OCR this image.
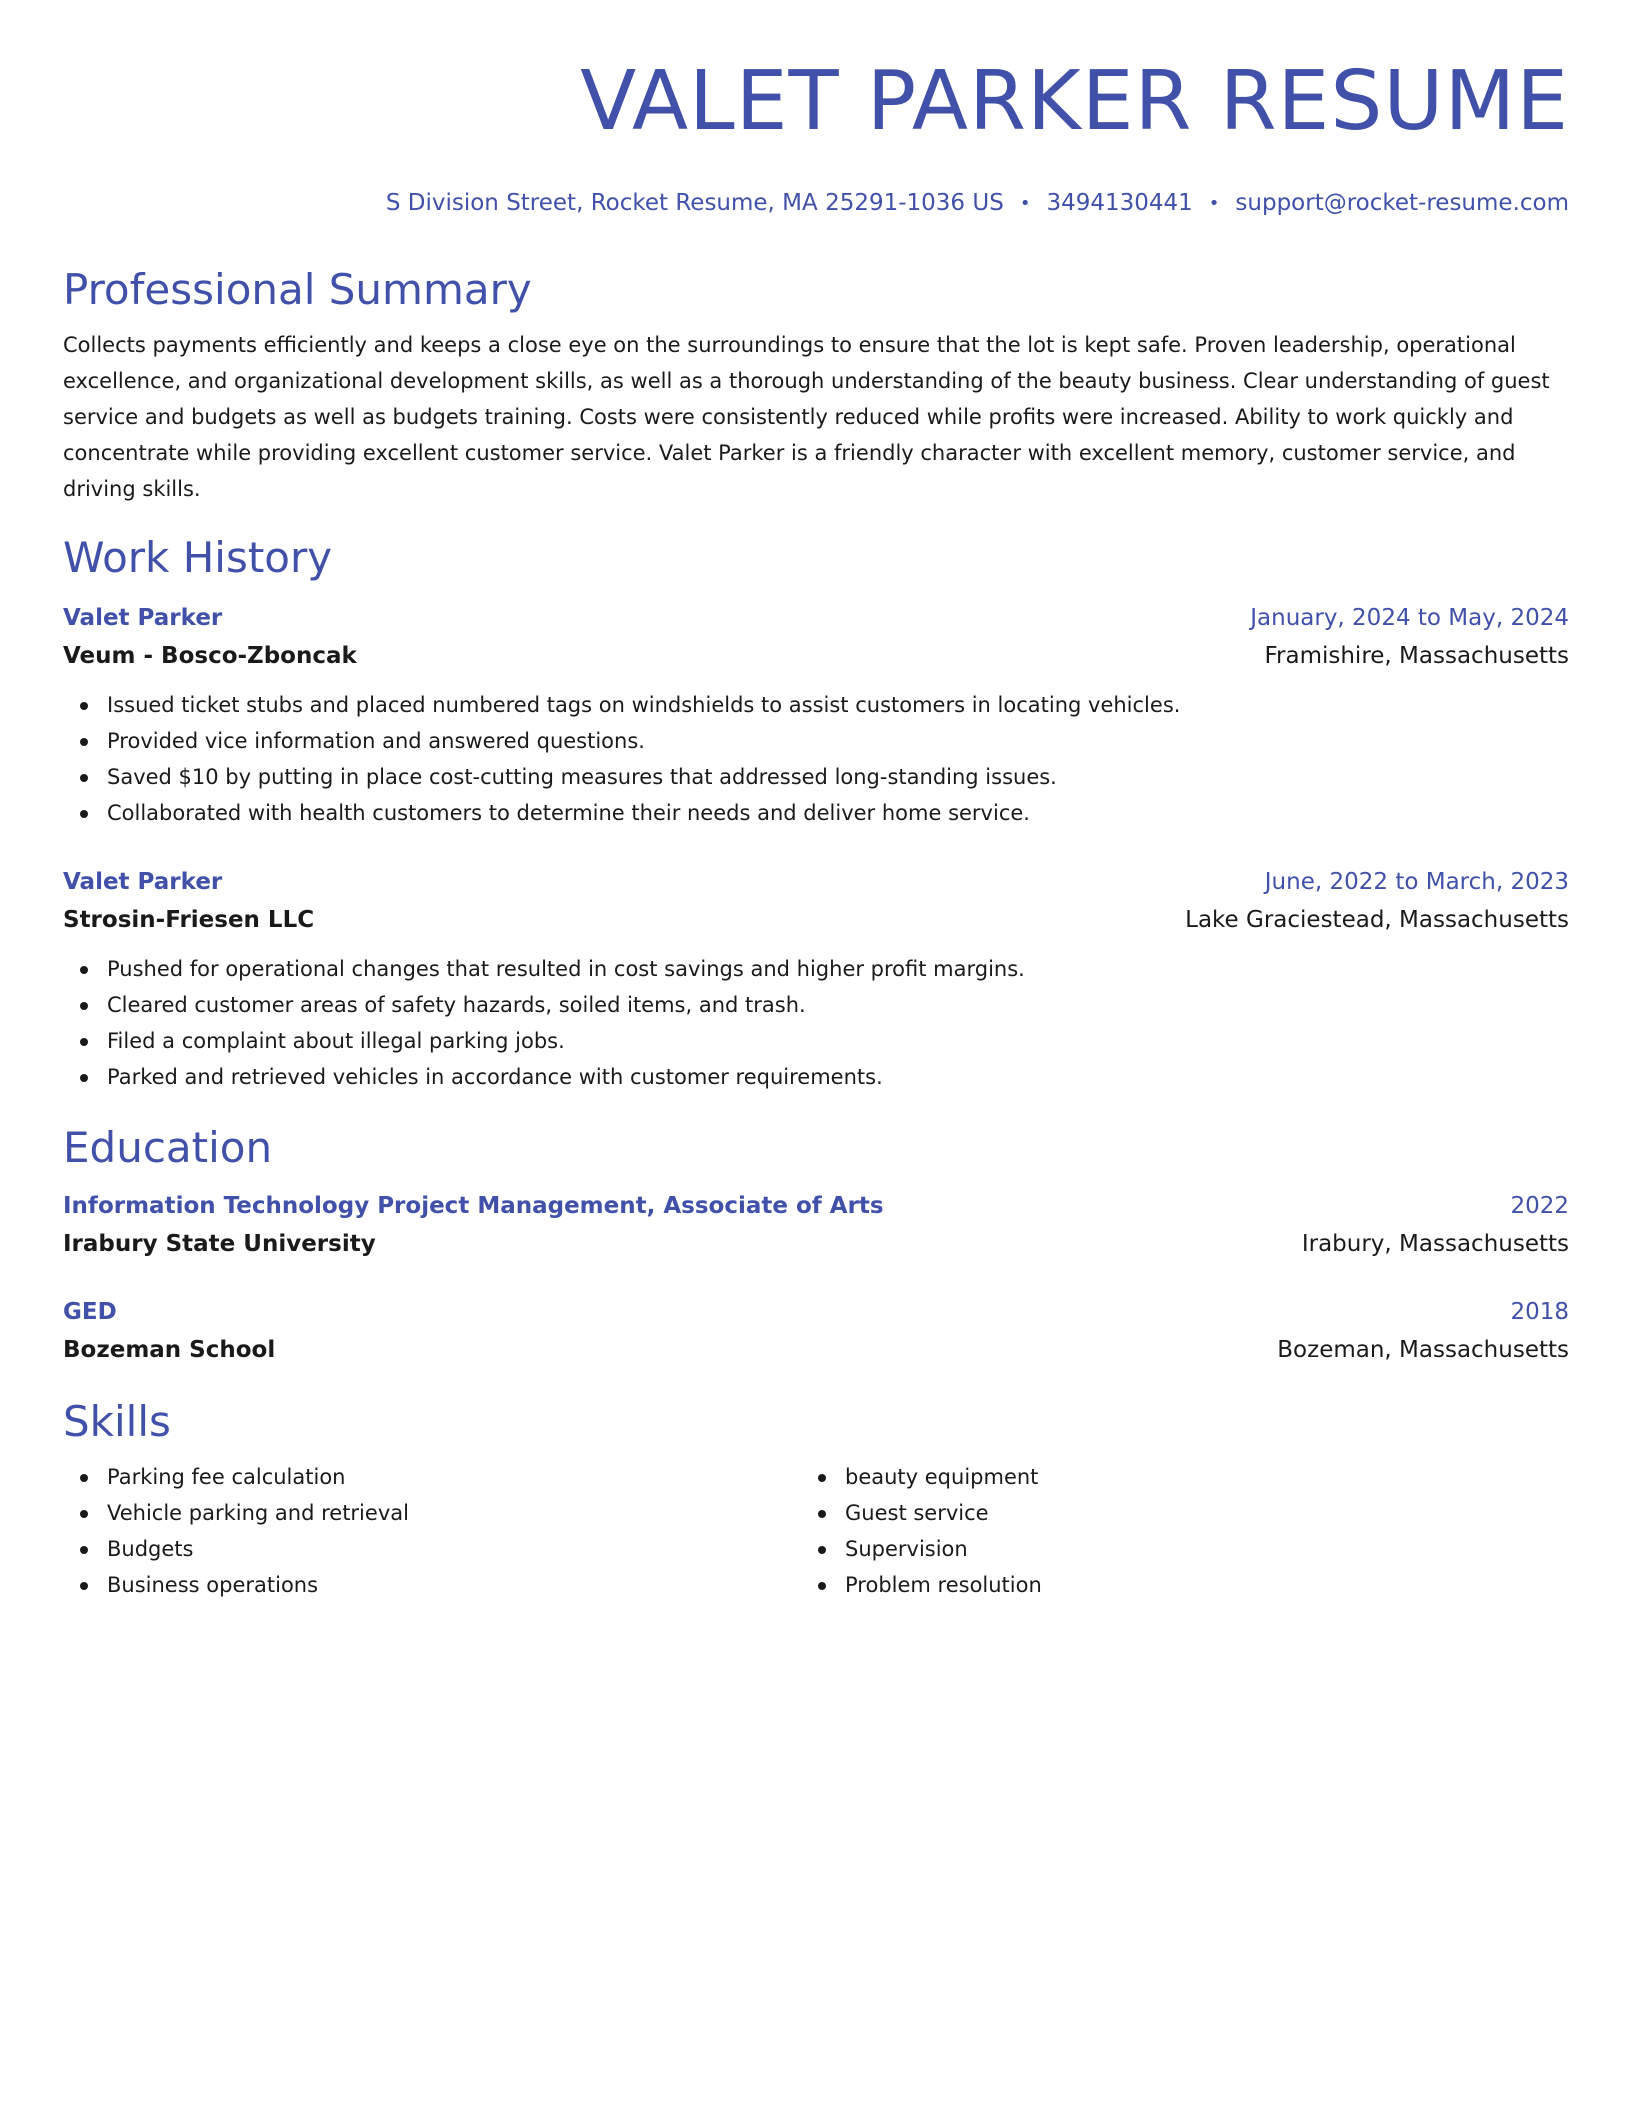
VALET PARKER RESUME
S Division Street, Rocket Resume, MA 25291-1036 US • 3494130441 • support@rocket-resume.com
Professional Summary

Collects payments efficiently and keeps a close eye on the surroundings to ensure that the lot is kept safe. Proven leadership, operational excellence, and organizational development skills, as well as a thorough understanding of the beauty business. Clear understanding of guest service and budgets as well as budgets training. Costs were consistently reduced while profits were increased. Ability to work quickly and concentrate while providing excellent customer service. Valet Parker is a friendly character with excellent memory, customer service, and driving skills.

Work History
Valet Parker	January, 2024 to May, 2024
Veum - Bosco-Zboncak	Framishire, Massachusetts
Issued ticket stubs and placed numbered tags on windshields to assist customers in locating vehicles.
Provided vice information and answered questions.
Saved $10 by putting in place cost-cutting measures that addressed long-standing issues.
Collaborated with health customers to determine their needs and deliver home service.
Valet Parker	June, 2022 to March, 2023
Strosin-Friesen LLC	Lake Graciestead, Massachusetts
Pushed for operational changes that resulted in cost savings and higher profit margins.
Cleared customer areas of safety hazards, soiled items, and trash.
Filed a complaint about illegal parking jobs.
Parked and retrieved vehicles in accordance with customer requirements.
Education
Information Technology Project Management, Associate of Arts	2022
Irabury State University	Irabury, Massachusetts
GED	2018
Bozeman School	Bozeman, Massachusetts
Skills
Parking fee calculation
Vehicle parking and retrieval
Budgets
Business operations
beauty equipment
Guest service
Supervision
Problem resolution
